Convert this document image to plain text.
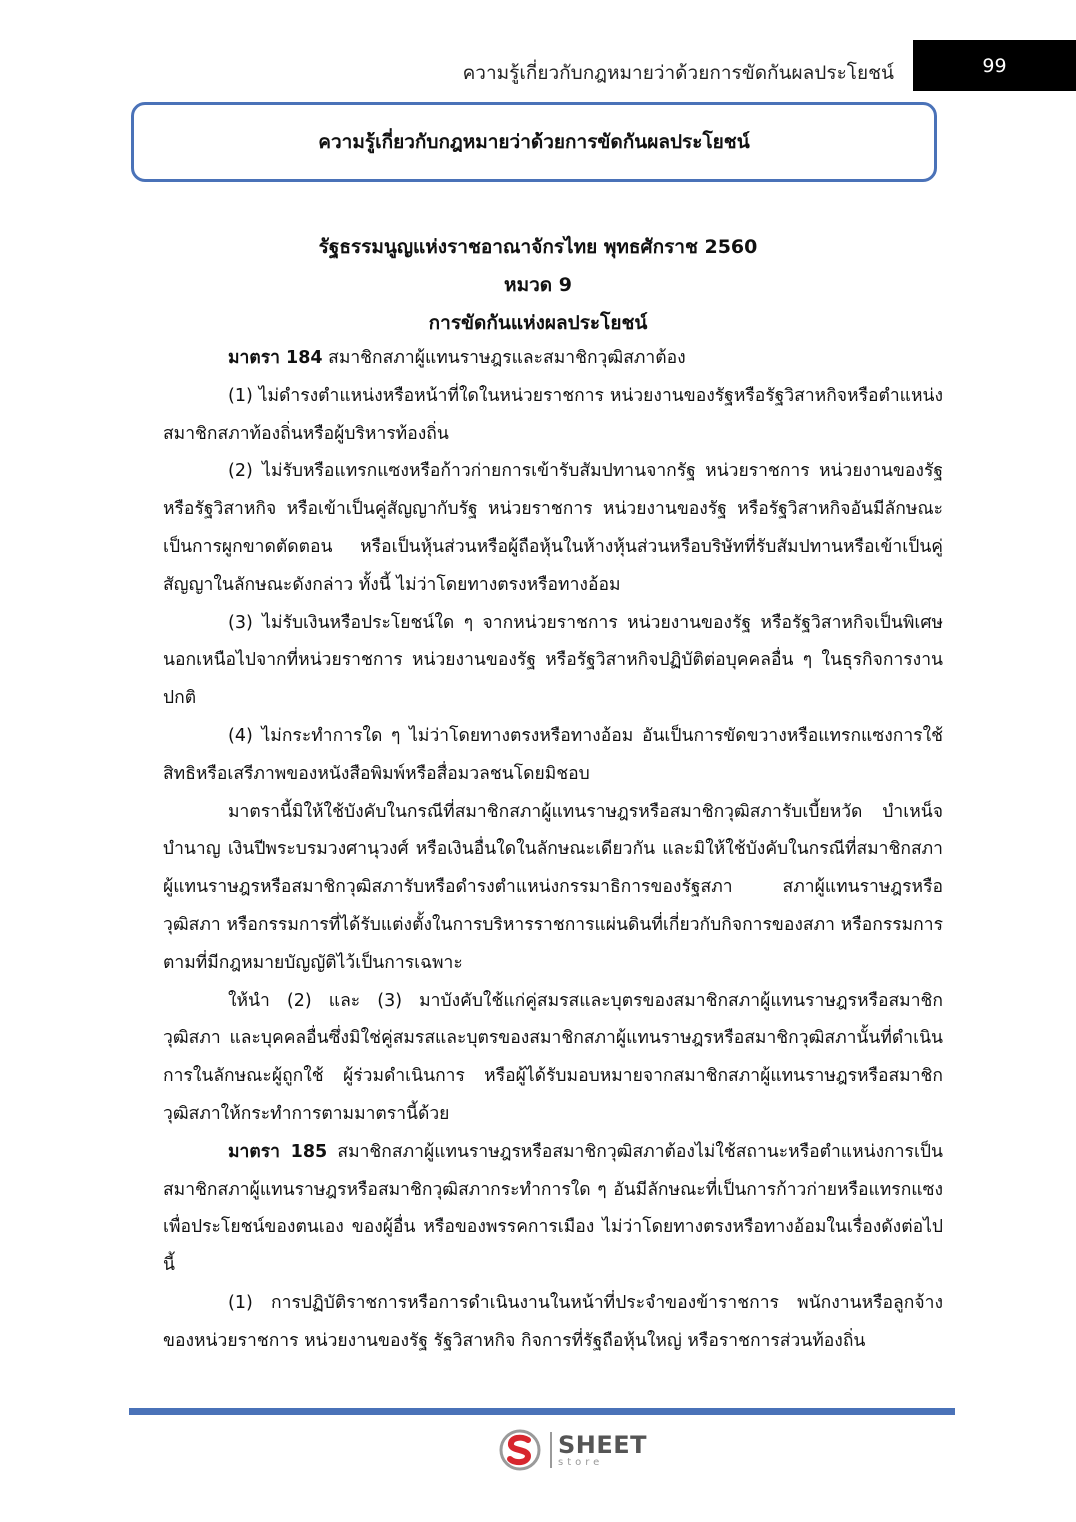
ความรู้เกี่ยวกับกฎหมายว่าด้วยการขัดกันผลประโยชน์	99
ความรู้เกี่ยวกับกฎหมายว่าด้วยการขัดกันผลประโยชน์
รัฐธรรมนูญแห่งราชอาณาจักรไทย พุทธศักราช 2560
หมวด 9
การขัดกันแห่งผลประโยชน์

มาตรา 184 สมาชิกสภาผู้แทนราษฎรและสมาชิกวุฒิสภาต้อง

(1) ไม่ดำรงตำแหน่งหรือหน้าที่ใดในหน่วยราชการ หน่วยงานของรัฐหรือรัฐวิสาหกิจหรือตำแหน่งสมาชิกสภาท้องถิ่นหรือผู้บริหารท้องถิ่น

(2) ไม่รับหรือแทรกแซงหรือก้าวก่ายการเข้ารับสัมปทานจากรัฐ หน่วยราชการ หน่วยงานของรัฐหรือรัฐวิสาหกิจ หรือเข้าเป็นคู่สัญญากับรัฐ หน่วยราชการ หน่วยงานของรัฐ หรือรัฐวิสาหกิจอันมีลักษณะเป็นการผูกขาดตัดตอน หรือเป็นหุ้นส่วนหรือผู้ถือหุ้นในห้างหุ้นส่วนหรือบริษัทที่รับสัมปทานหรือเข้าเป็นคู่สัญญาในลักษณะดังกล่าว ทั้งนี้ ไม่ว่าโดยทางตรงหรือทางอ้อม

(3) ไม่รับเงินหรือประโยชน์ใด ๆ จากหน่วยราชการ หน่วยงานของรัฐ หรือรัฐวิสาหกิจเป็นพิเศษนอกเหนือไปจากที่หน่วยราชการ หน่วยงานของรัฐ หรือรัฐวิสาหกิจปฏิบัติต่อบุคคลอื่น ๆ ในธุรกิจการงานปกติ

(4) ไม่กระทำการใด ๆ ไม่ว่าโดยทางตรงหรือทางอ้อม อันเป็นการขัดขวางหรือแทรกแซงการใช้สิทธิหรือเสรีภาพของหนังสือพิมพ์หรือสื่อมวลชนโดยมิชอบ

มาตรานี้มิให้ใช้บังคับในกรณีที่สมาชิกสภาผู้แทนราษฎรหรือสมาชิกวุฒิสภารับเบี้ยหวัด บำเหน็จบำนาญ เงินปีพระบรมวงศานุวงศ์ หรือเงินอื่นใดในลักษณะเดียวกัน และมิให้ใช้บังคับในกรณีที่สมาชิกสภาผู้แทนราษฎรหรือสมาชิกวุฒิสภารับหรือดำรงตำแหน่งกรรมาธิการของรัฐสภา สภาผู้แทนราษฎรหรือวุฒิสภา หรือกรรมการที่ได้รับแต่งตั้งในการบริหารราชการแผ่นดินที่เกี่ยวกับกิจการของสภา หรือกรรมการตามที่มีกฎหมายบัญญัติไว้เป็นการเฉพาะ

ให้นำ (2) และ (3) มาบังคับใช้แก่คู่สมรสและบุตรของสมาชิกสภาผู้แทนราษฎรหรือสมาชิกวุฒิสภา และบุคคลอื่นซึ่งมิใช่คู่สมรสและบุตรของสมาชิกสภาผู้แทนราษฎรหรือสมาชิกวุฒิสภานั้นที่ดำเนินการในลักษณะผู้ถูกใช้ ผู้ร่วมดำเนินการ หรือผู้ได้รับมอบหมายจากสมาชิกสภาผู้แทนราษฎรหรือสมาชิกวุฒิสภาให้กระทำการตามมาตรานี้ด้วย

มาตรา 185 สมาชิกสภาผู้แทนราษฎรหรือสมาชิกวุฒิสภาต้องไม่ใช้สถานะหรือตำแหน่งการเป็นสมาชิกสภาผู้แทนราษฎรหรือสมาชิกวุฒิสภากระทำการใด ๆ อันมีลักษณะที่เป็นการก้าวก่ายหรือแทรกแซงเพื่อประโยชน์ของตนเอง ของผู้อื่น หรือของพรรคการเมือง ไม่ว่าโดยทางตรงหรือทางอ้อมในเรื่องดังต่อไปนี้

(1) การปฏิบัติราชการหรือการดำเนินงานในหน้าที่ประจำของข้าราชการ พนักงานหรือลูกจ้างของหน่วยราชการ หน่วยงานของรัฐ รัฐวิสาหกิจ กิจการที่รัฐถือหุ้นใหญ่ หรือราชการส่วนท้องถิ่น

SHEET
store
